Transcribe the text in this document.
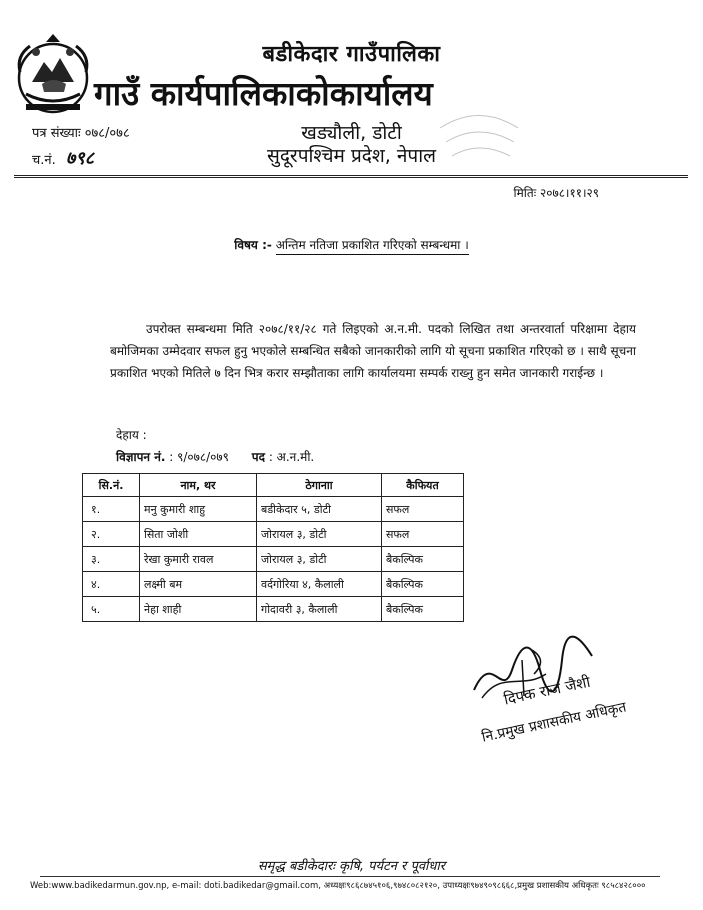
बडीकेदार गाउँपालिका
गाउँ कार्यपालिकाकोकार्यालय
पत्र संख्याः ०७८/०७८
च.नं. ७९८
खड्यौली, डोटी
सुदूरपश्चिम प्रदेश, नेपाल
मितिः २०७८।११।२९
विषय :- अन्तिम नतिजा प्रकाशित गरिएको सम्बन्धमा ।

उपरोक्त सम्बन्धमा मिति २०७८/११/२८ गते लिइएको अ.न.मी. पदको लिखित तथा अन्तरवार्ता परिक्षामा देहाय बमोजिमका उम्मेदवार सफल हुनु भएकोले सम्बन्धित सबैको जानकारीको लागि यो सूचना प्रकाशित गरिएको छ । साथै सूचना प्रकाशित भएको मितिले ७ दिन भित्र करार सम्झौताका लागि कार्यालयमा सम्पर्क राख्नु हुन समेत जानकारी गराईन्छ ।

देहाय :
विज्ञापन नं. : ९/०७८/०७९ पद : अ.न.मी.
सि.नं.	नाम, थर	ठेगानाा	कैफियत
१.	मनु कुमारी शाहु	बडीकेदार ५, डोटी	सफल
२.	सिता जोशी	जोरायल ३, डोटी	सफल
३.	रेखा कुमारी रावल	जोरायल ३, डोटी	बैकल्पिक
४.	लक्ष्मी बम	वर्दगोरिया ४, कैलाली	बैकल्पिक
५.	नेहा शाही	गोदावरी ३, कैलाली	बैकल्पिक
दिपक राज जैशी
नि.प्रमुख प्रशासकीय अधिकृत
समृद्ध बडीकेदारः कृषि, पर्यटन र पूर्वाधार
Web:www.badikedarmun.gov.np, e-mail: doti.badikedar@gmail.com, अध्यक्षः९८६८७४५१०६,९७४८०८२१२०, उपाध्यक्षः९७४९०९८६६८,प्रमुख प्रशासकीय अधिकृतः ९८५८४२८०००
